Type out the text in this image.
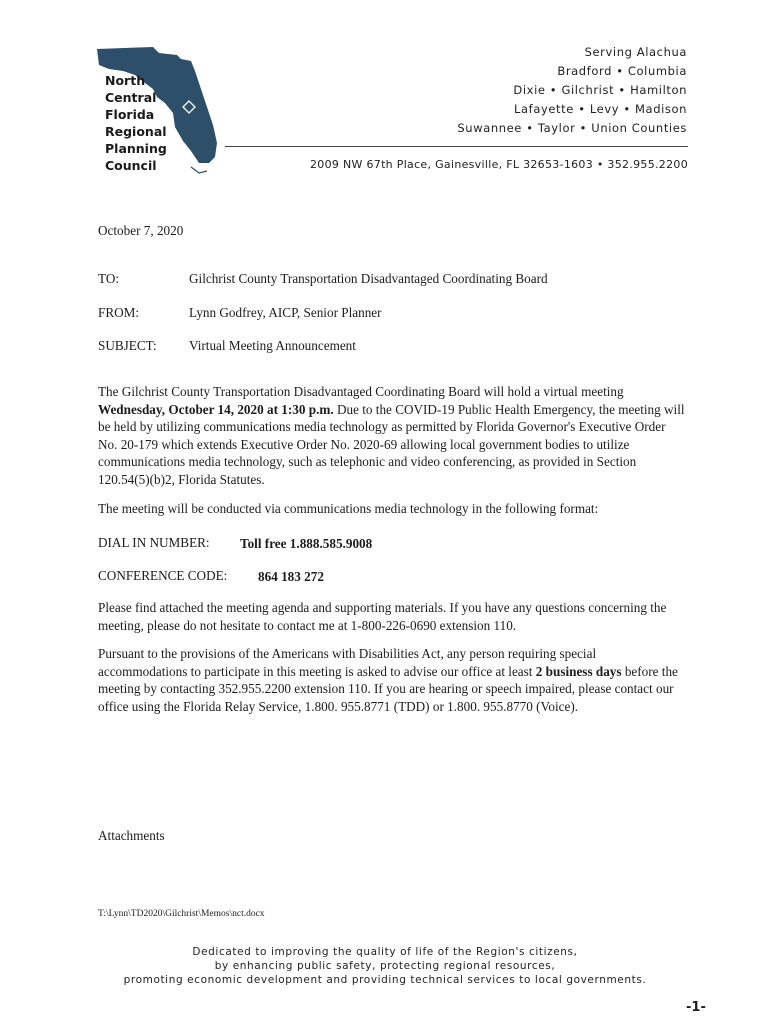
North
Central
Florida
Regional
Planning
Council
Serving Alachua
Bradford • Columbia
Dixie • Gilchrist • Hamilton
Lafayette • Levy • Madison
Suwannee • Taylor • Union Counties
2009 NW 67th Place, Gainesville, FL 32653-1603 • 352.955.2200
October 7, 2020
TO:	Gilchrist County Transportation Disadvantaged Coordinating Board
FROM:	Lynn Godfrey, AICP, Senior Planner
SUBJECT: Virtual Meeting Announcement
The Gilchrist County Transportation Disadvantaged Coordinating Board will hold a virtual meeting Wednesday, October 14, 2020 at 1:30 p.m. Due to the COVID-19 Public Health Emergency, the meeting will be held by utilizing communications media technology as permitted by Florida Governor's Executive Order No. 20-179 which extends Executive Order No. 2020-69 allowing local government bodies to utilize communications media technology, such as telephonic and video conferencing, as provided in Section 120.54(5)(b)2, Florida Statutes.
The meeting will be conducted via communications media technology in the following format:
DIAL IN NUMBER: Toll free 1.888.585.9008
CONFERENCE CODE: 864 183 272
Please find attached the meeting agenda and supporting materials. If you have any questions concerning the meeting, please do not hesitate to contact me at 1-800-226-0690 extension 110.
Pursuant to the provisions of the Americans with Disabilities Act, any person requiring special accommodations to participate in this meeting is asked to advise our office at least 2 business days before the meeting by contacting 352.955.2200 extension 110. If you are hearing or speech impaired, please contact our office using the Florida Relay Service, 1.800. 955.8771 (TDD) or 1.800. 955.8770 (Voice).
Attachments
T:\Lynn\TD2020\Gilchrist\Memos\nct.docx
Dedicated to improving the quality of life of the Region's citizens,
by enhancing public safety, protecting regional resources,
promoting economic development and providing technical services to local governments.
-1-
